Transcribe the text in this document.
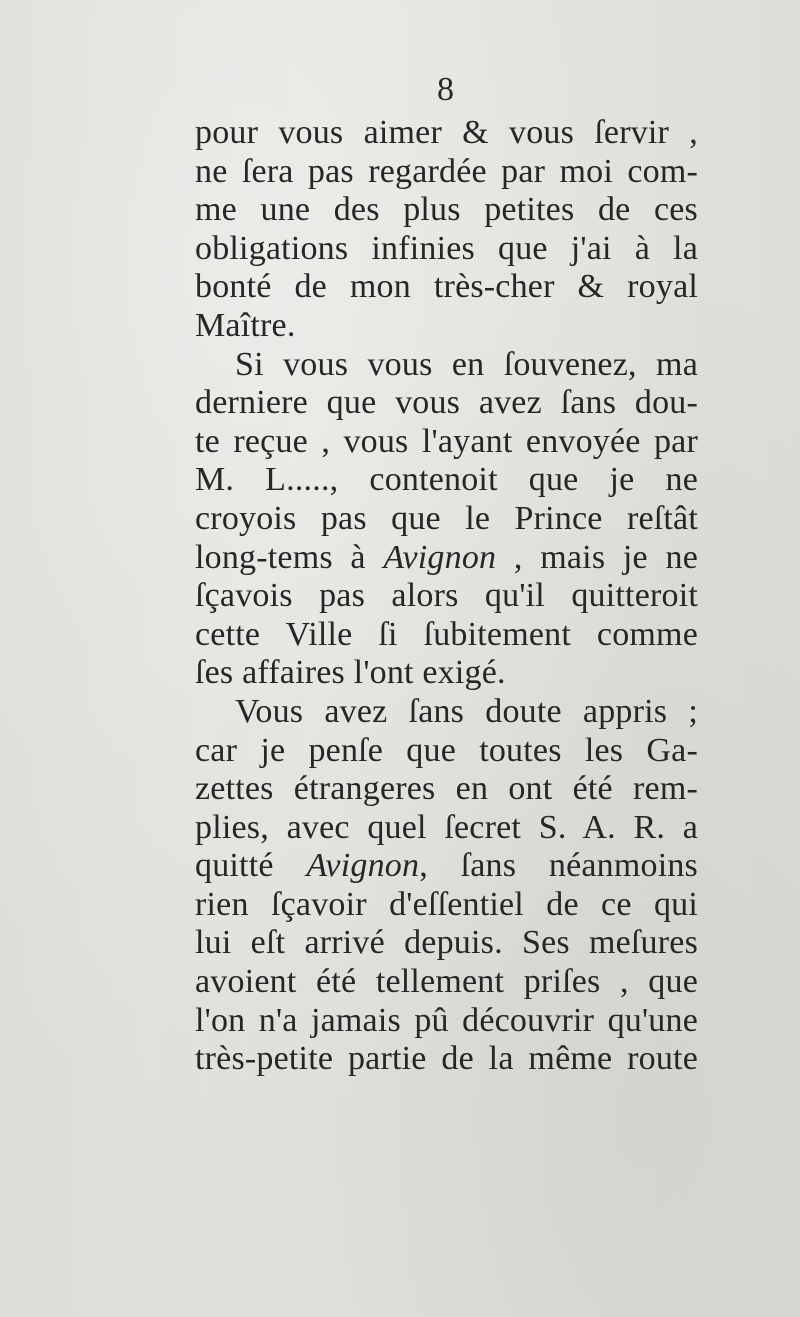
8
pour vous aimer & vous ſervir ,
ne ſera pas regardée par moi com-
me une des plus petites de ces
obligations infinies que j'ai à la
bonté de mon très-cher & royal
Maître.
Si vous vous en ſouvenez, ma
derniere que vous avez ſans dou-
te reçue , vous l'ayant envoyée par
M. L....., contenoit que je ne
croyois pas que le Prince reſtât
long-tems à Avignon , mais je ne
ſçavois pas alors qu'il quitteroit
cette Ville ſi ſubitement comme
ſes affaires l'ont exigé.
Vous avez ſans doute appris ;
car je penſe que toutes les Ga-
zettes étrangeres en ont été rem-
plies, avec quel ſecret S. A. R. a
quitté Avignon, ſans néanmoins
rien ſçavoir d'eſſentiel de ce qui
lui eſt arrivé depuis. Ses meſures
avoient été tellement priſes , que
l'on n'a jamais pû découvrir qu'une
très-petite partie de la même route
